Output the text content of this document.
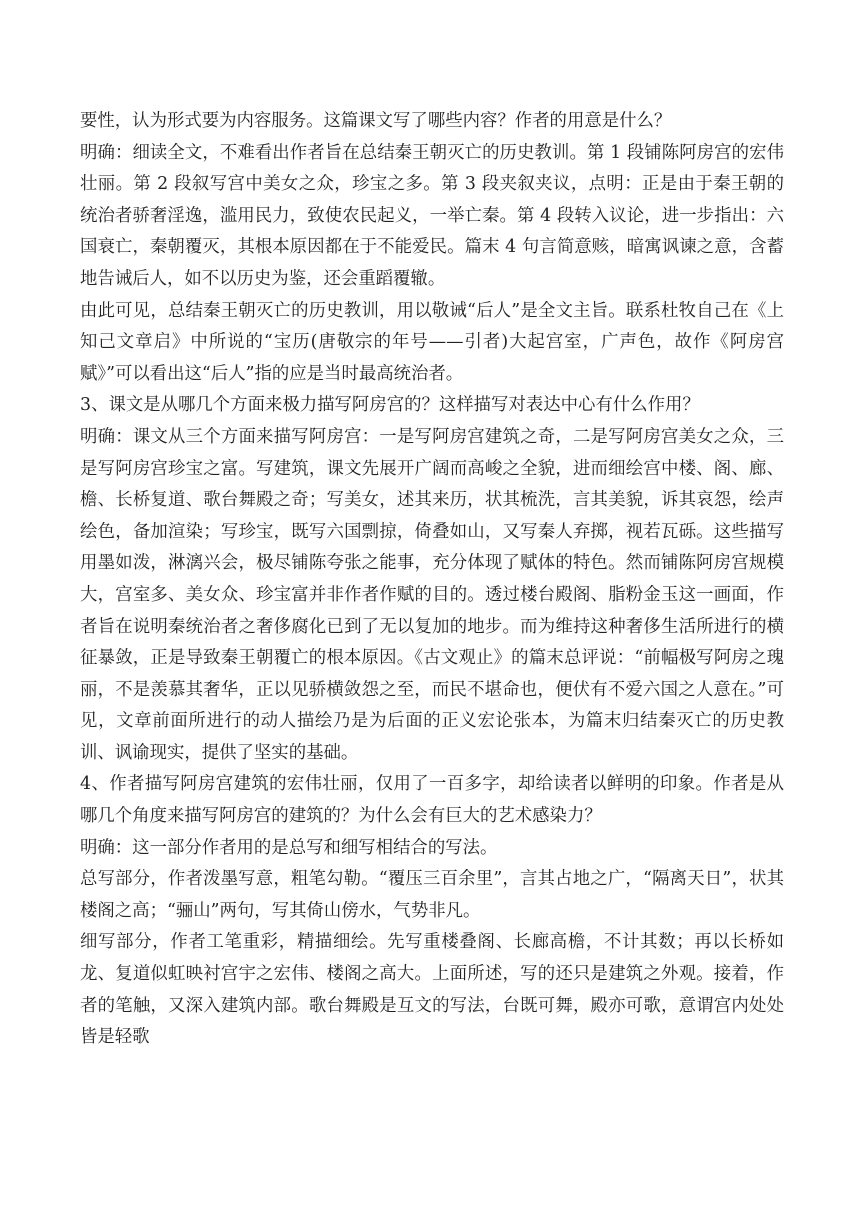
要性，认为形式要为内容服务。这篇课文写了哪些内容？作者的用意是什么？

明确：细读全文，不难看出作者旨在总结秦王朝灭亡的历史教训。第 1 段铺陈阿房宫的宏伟壮丽。第 2 段叙写宫中美女之众，珍宝之多。第 3 段夹叙夹议，点明：正是由于秦王朝的统治者骄奢淫逸，滥用民力，致使农民起义，一举亡秦。第 4 段转入议论，进一步指出：六国衰亡，秦朝覆灭，其根本原因都在于不能爱民。篇末 4 句言简意赅，暗寓讽谏之意，含蓄地告诫后人，如不以历史为鉴，还会重蹈覆辙。

由此可见，总结秦王朝灭亡的历史教训，用以敬诫“后人”是全文主旨。联系杜牧自己在《上知己文章启》中所说的“宝历(唐敬宗的年号——引者)大起宫室，广声色，故作《阿房宫赋》”可以看出这“后人”指的应是当时最高统治者。

3、课文是从哪几个方面来极力描写阿房宫的？这样描写对表达中心有什么作用？

明确：课文从三个方面来描写阿房宫：一是写阿房宫建筑之奇，二是写阿房宫美女之众，三是写阿房宫珍宝之富。写建筑，课文先展开广阔而高峻之全貌，进而细绘宫中楼、阁、廊、檐、长桥复道、歌台舞殿之奇；写美女，述其来历，状其梳洗，言其美貌，诉其哀怨，绘声绘色，备加渲染；写珍宝，既写六国剽掠，倚叠如山，又写秦人弃掷，视若瓦砾。这些描写用墨如泼，淋漓兴会，极尽铺陈夸张之能事，充分体现了赋体的特色。然而铺陈阿房宫规模大，宫室多、美女众、珍宝富并非作者作赋的目的。透过楼台殿阁、脂粉金玉这一画面，作者旨在说明秦统治者之奢侈腐化已到了无以复加的地步。而为维持这种奢侈生活所进行的横征暴敛，正是导致秦王朝覆亡的根本原因。《古文观止》的篇末总评说：“前幅极写阿房之瑰丽，不是羡慕其奢华，正以见骄横敛怨之至，而民不堪命也，便伏有不爱六国之人意在。”可见，文章前面所进行的动人描绘乃是为后面的正义宏论张本，为篇末归结秦灭亡的历史教训、讽谕现实，提供了坚实的基础。

4、作者描写阿房宫建筑的宏伟壮丽，仅用了一百多字，却给读者以鲜明的印象。作者是从哪几个角度来描写阿房宫的建筑的？为什么会有巨大的艺术感染力？

明确：这一部分作者用的是总写和细写相结合的写法。

总写部分，作者泼墨写意，粗笔勾勒。“覆压三百余里”，言其占地之广，“隔离天日”，状其楼阁之高；“骊山”两句，写其倚山傍水，气势非凡。

细写部分，作者工笔重彩，精描细绘。先写重楼叠阁、长廊高檐，不计其数；再以长桥如龙、复道似虹映衬宫宇之宏伟、楼阁之高大。上面所述，写的还只是建筑之外观。接着，作者的笔触，又深入建筑内部。歌台舞殿是互文的写法，台既可舞，殿亦可歌，意谓宫内处处皆是轻歌
